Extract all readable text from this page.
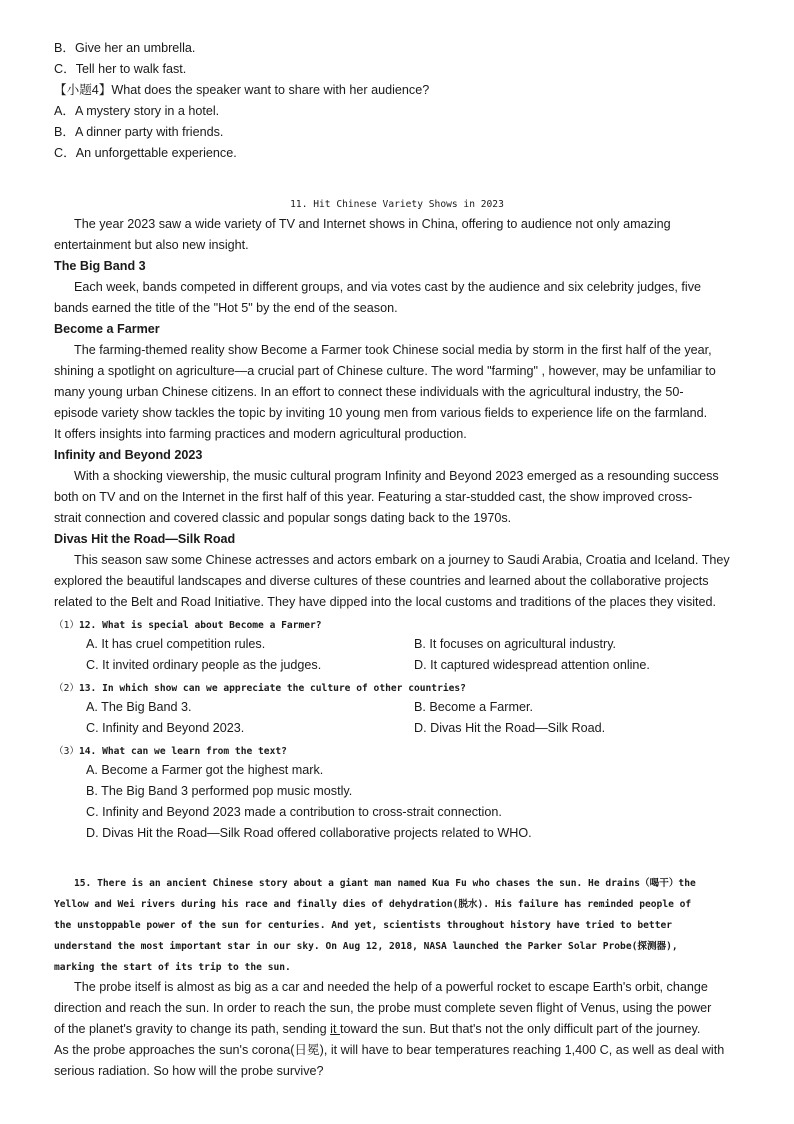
B．Give her an umbrella.
C．Tell her to walk fast.
【小题4】What does the speaker want to share with her audience?
A．A mystery story in a hotel.
B．A dinner party with friends.
C．An unforgettable experience.
11. Hit Chinese Variety Shows in 2023
The year 2023 saw a wide variety of TV and Internet shows in China, offering to audience not only amazing
entertainment but also new insight.
The Big Band 3
Each week, bands competed in different groups, and via votes cast by the audience and six celebrity judges, five
bands earned the title of the "Hot 5" by the end of the season.
Become a Farmer
The farming-themed reality show Become a Farmer took Chinese social media by storm in the first half of the year,
shining a spotlight on agriculture—a crucial part of Chinese culture. The word "farming" , however, may be unfamiliar to
many young urban Chinese citizens. In an effort to connect these individuals with the agricultural industry, the 50-
episode variety show tackles the topic by inviting 10 young men from various fields to experience life on the farmland.
It offers insights into farming practices and modern agricultural production.
Infinity and Beyond 2023
With a shocking viewership, the music cultural program Infinity and Beyond 2023 emerged as a resounding success
both on TV and on the Internet in the first half of this year. Featuring a star-studded cast, the show improved cross-
strait connection and covered classic and popular songs dating back to the 1970s.
Divas Hit the Road—Silk Road
This season saw some Chinese actresses and actors embark on a journey to Saudi Arabia, Croatia and Iceland. They
explored the beautiful landscapes and diverse cultures of these countries and learned about the collaborative projects
related to the Belt and Road Initiative. They have dipped into the local customs and traditions of the places they visited.
（1）12. What is special about Become a Farmer?
A. It has cruel competition rules.	B. It focuses on agricultural industry.
C. It invited ordinary people as the judges.	D. It captured widespread attention online.
（2）13. In which show can we appreciate the culture of other countries?
A. The Big Band 3.	B. Become a Farmer.
C. Infinity and Beyond 2023.	D. Divas Hit the Road—Silk Road.
（3）14. What can we learn from the text?
A. Become a Farmer got the highest mark.
B. The Big Band 3 performed pop music mostly.
C. Infinity and Beyond 2023 made a contribution to cross-strait connection.
D. Divas Hit the Road—Silk Road offered collaborative projects related to WHO.
15. There is an ancient Chinese story about a giant man named Kua Fu who chases the sun. He drains（喝干）the
Yellow and Wei rivers during his race and finally dies of dehydration(脱水). His failure has reminded people of
the unstoppable power of the sun for centuries. And yet, scientists throughout history have tried to better
understand the most important star in our sky. On Aug 12, 2018, NASA launched the Parker Solar Probe(探测器),
marking the start of its trip to the sun.
The probe itself is almost as big as a car and needed the help of a powerful rocket to escape Earth's orbit, change
direction and reach the sun. In order to reach the sun, the probe must complete seven flight of Venus, using the power
of the planet's gravity to change its path, sending it toward the sun. But that's not the only difficult part of the journey.
As the probe approaches the sun's corona(日冕), it will have to bear temperatures reaching 1,400 C, as well as deal with
serious radiation. So how will the probe survive?
